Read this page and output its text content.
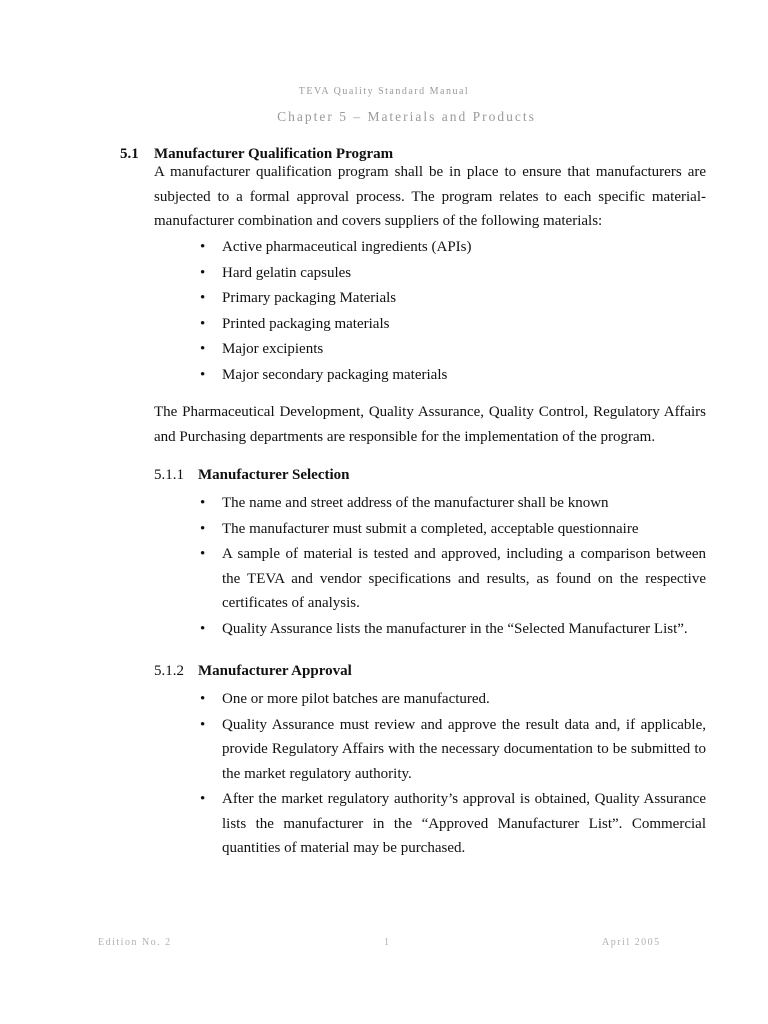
TEVA Quality Standard Manual
Chapter 5 – Materials and Products
5.1 Manufacturer Qualification Program
A manufacturer qualification program shall be in place to ensure that manufacturers are subjected to a formal approval process. The program relates to each specific material-manufacturer combination and covers suppliers of the following materials:
• Active pharmaceutical ingredients (APIs)
• Hard gelatin capsules
• Primary packaging Materials
• Printed packaging materials
• Major excipients
• Major secondary packaging materials
The Pharmaceutical Development, Quality Assurance, Quality Control, Regulatory Affairs and Purchasing departments are responsible for the implementation of the program.
5.1.1 Manufacturer Selection
• The name and street address of the manufacturer shall be known
• The manufacturer must submit a completed, acceptable questionnaire
• A sample of material is tested and approved, including a comparison between the TEVA and vendor specifications and results, as found on the respective certificates of analysis.
• Quality Assurance lists the manufacturer in the “Selected Manufacturer List”.
5.1.2 Manufacturer Approval
• One or more pilot batches are manufactured.
• Quality Assurance must review and approve the result data and, if applicable, provide Regulatory Affairs with the necessary documentation to be submitted to the market regulatory authority.
• After the market regulatory authority’s approval is obtained, Quality Assurance lists the manufacturer in the “Approved Manufacturer List”. Commercial quantities of material may be purchased.
Edition No. 2	1	April 2005
